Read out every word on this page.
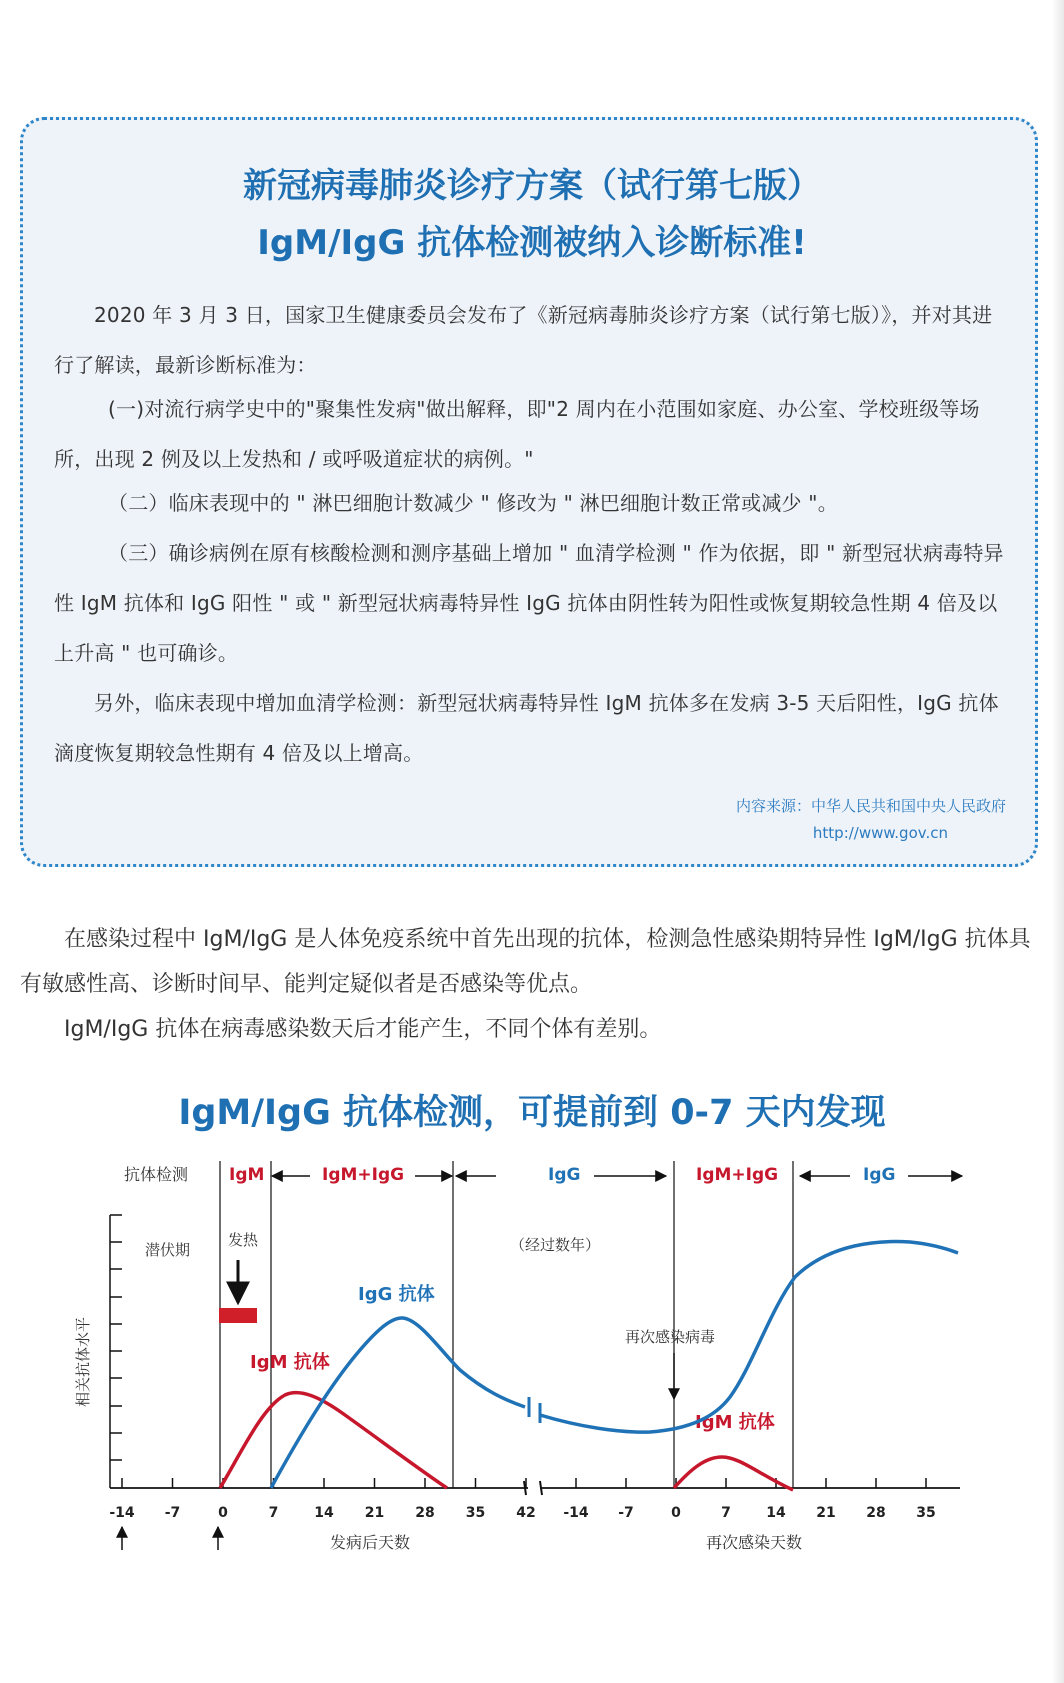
新冠病毒肺炎诊疗方案（试行第七版）
IgM/IgG 抗体检测被纳入诊断标准!
2020 年 3 月 3 日，国家卫生健康委员会发布了《新冠病毒肺炎诊疗方案（试行第七版）》，并对其进行了解读，最新诊断标准为：
(一)对流行病学史中的"聚集性发病"做出解释，即"2 周内在小范围如家庭、办公室、学校班级等场所，出现 2 例及以上发热和 / 或呼吸道症状的病例。"
（二）临床表现中的 " 淋巴细胞计数减少 " 修改为 " 淋巴细胞计数正常或减少 "。
（三）确诊病例在原有核酸检测和测序基础上增加 " 血清学检测 " 作为依据，即 " 新型冠状病毒特异性 IgM 抗体和 IgG 阳性 " 或 " 新型冠状病毒特异性 IgG 抗体由阴性转为阳性或恢复期较急性期 4 倍及以上升高 " 也可确诊。
另外，临床表现中增加血清学检测：新型冠状病毒特异性 IgM 抗体多在发病 3-5 天后阳性，IgG 抗体滴度恢复期较急性期有 4 倍及以上增高。
内容来源：中华人民共和国中央人民政府
http://www.gov.cn
在感染过程中 IgM/IgG 是人体免疫系统中首先出现的抗体，检测急性感染期特异性 IgM/IgG 抗体具有敏感性高、诊断时间早、能判定疑似者是否感染等优点。
IgM/IgG 抗体在病毒感染数天后才能产生，不同个体有差别。
IgM/IgG 抗体检测，可提前到 0-7 天内发现
抗体检测 IgM	IgM+IgG	IgG	IgM+IgG	IgG
相关抗体水平
-14 -7	0	7	14 21 28 35 42 -14 -7	0	7	14 21 28 35
发病后天数	再次感染天数
潜伏期
发热	（经过数年）
再次感染病毒
IgG 抗体
IgM 抗体
IgM 抗体
